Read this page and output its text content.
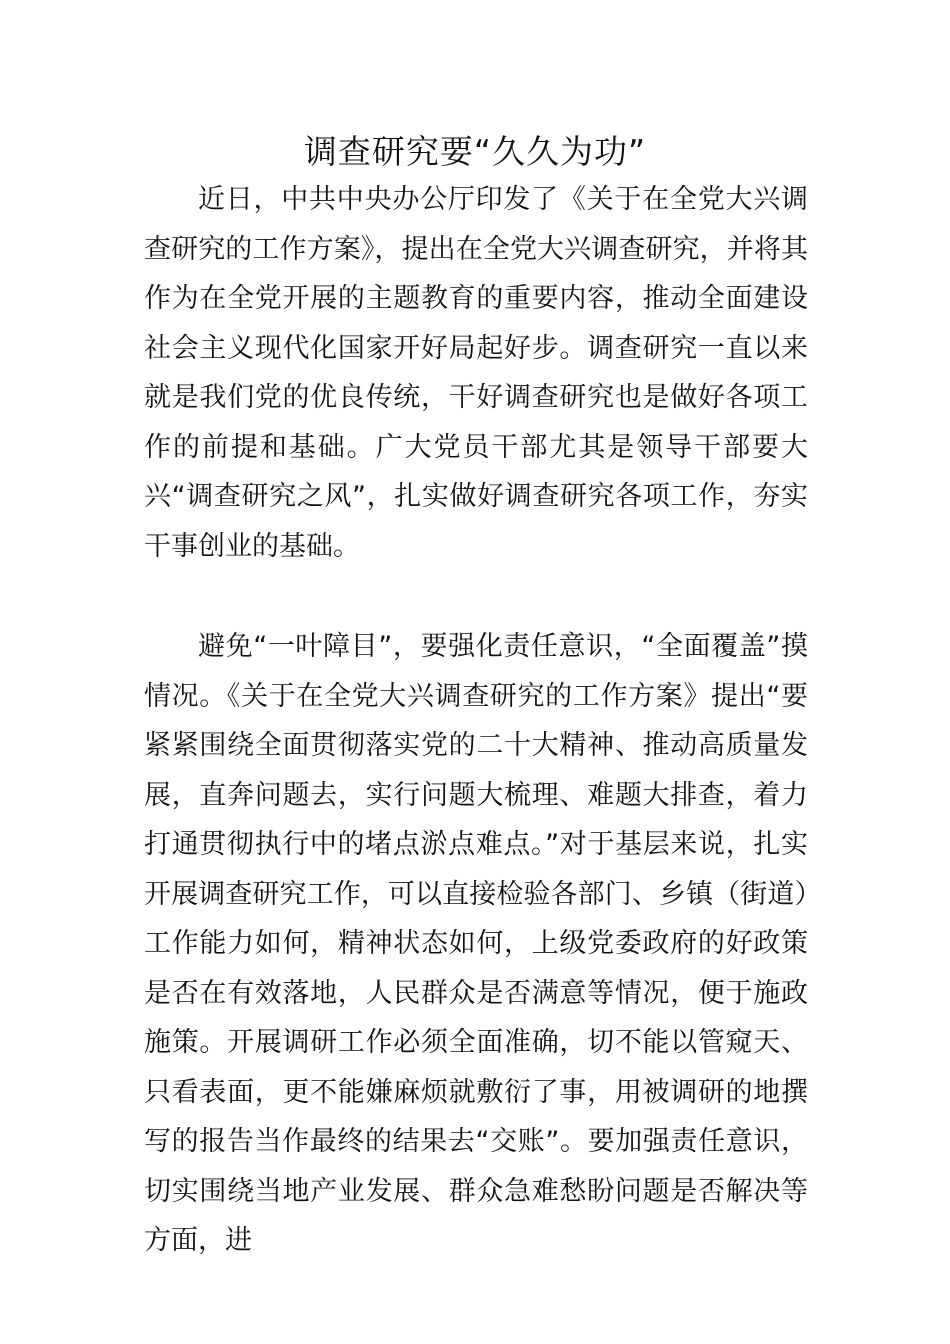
调查研究要“久久为功”

近日，中共中央办公厅印发了《关于在全党大兴调查研究的工作方案》，提出在全党大兴调查研究，并将其作为在全党开展的主题教育的重要内容，推动全面建设社会主义现代化国家开好局起好步。调查研究一直以来就是我们党的优良传统，干好调查研究也是做好各项工作的前提和基础。广大党员干部尤其是领导干部要大兴“调查研究之风”，扎实做好调查研究各项工作，夯实干事创业的基础。

避免“一叶障目”，要强化责任意识，“全面覆盖”摸情况。《关于在全党大兴调查研究的工作方案》提出“要紧紧围绕全面贯彻落实党的二十大精神、推动高质量发展，直奔问题去，实行问题大梳理、难题大排查，着力打通贯彻执行中的堵点淤点难点。”对于基层来说，扎实开展调查研究工作，可以直接检验各部门、乡镇（街道）工作能力如何，精神状态如何，上级党委政府的好政策是否在有效落地，人民群众是否满意等情况，便于施政施策。开展调研工作必须全面准确，切不能以管窥天、只看表面，更不能嫌麻烦就敷衍了事，用被调研的地撰写的报告当作最终的结果去“交账”。要加强责任意识，切实围绕当地产业发展、群众急难愁盼问题是否解决等方面，进
